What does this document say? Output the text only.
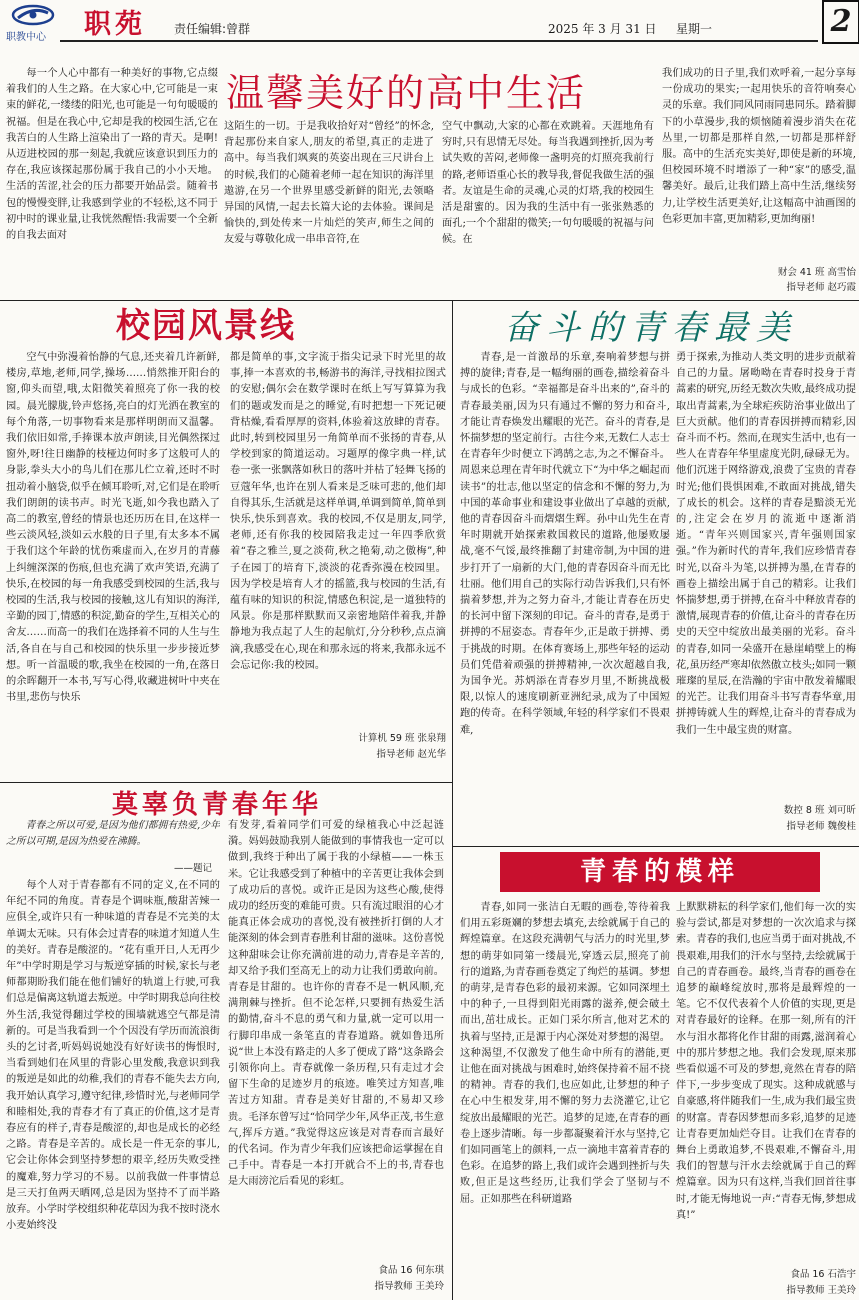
职教中心 职苑 责任编辑:曾群	2025 年 3 月 31 日 星期一	2
温馨美好的高中生活

每一个人心中都有一种美好的事物,它点缀着我们的人生之路。在大家心中,它可能是一束束的鲜花,一缕缕的阳光,也可能是一句句暖暖的祝福。但是在我心中,它却是我的校园生活,它在我苦白的人生路上渲染出了一路的青天。是啊!从迈进校园的那一刻起,我就应该意识到压力的存在,我应该探起那份属于我自己的小小天地。生活的苦涩,社会的压力都要开始品尝。随着书包的慢慢变胖,让我感到学业的不轻松,这不同于初中时的课业量,让我恍然醒悟:我需要一个全新的自我去面对

这陌生的一切。于是我收拾好对“曾经”的怀念,背起那份来自家人,朋友的希望,真正的走进了高中。每当我们飒爽的英姿出现在三尺讲台上的时候,我们的心随着老师一起在知识的海洋里遨游,在另一个世界里感受新鲜的阳光,去领略异国的风情,一起去长篇大论的去体验。课间是愉快的,到处传来一片灿烂的笑声,师生之间的友爱与尊敬化成一串串音符,在

空气中飘动,大家的心都在欢跳着。天涯地角有穷时,只有思情无尽处。每当我遇到挫折,因为考试失败的苦闷,老师像一盏明亮的灯照亮我前行的路,老师语重心长的教导我,督促我做生活的强者。友谊是生命的灵魂,心灵的灯塔,我的校园生活是甜蜜的。因为我的生活中有一张张熟悉的面孔;一个个甜甜的微笑;一句句暖暖的祝福与问候。在

我们成功的日子里,我们欢呼着,一起分享每一份成功的果实;一起用快乐的音符响奏心灵的乐章。我们同风同雨同患同乐。踏着脚下的小草漫步,我的烦恼随着漫步消失在花丛里,一切都是那样自然,一切都是那样舒服。高中的生活充实美好,即使是新的环境,但校园环境不时增添了一种“家”的感受,温馨美好。最后,让我们踏上高中生活,继续努力,让学校生活更美好,让这幅高中油画图的色彩更加丰富,更加精彩,更加绚丽!

财会 41 班 高雪怡
指导老师 赵巧霞
校园风景线

空气中弥漫着怡静的气息,还夹着几许新鲜,楼房,草地,老师,同学,操场……悄然推开阳台的窗,仰头而望,哦,太阳微笑着照亮了你一我的校园。晨光朦胧,铃声悠扬,亮白的灯光洒在教室的每个角落,一切事物看来是那样明朗而又温馨。我们依旧如常,手捧课本放声朗读,目光偶然探过窗外,呀!往日幽静的枝桠边何时多了这般可人的身影,拳头大小的鸟儿们在那儿伫立着,还时不时扭动着小脑袋,似乎在倾耳聆听,对,它们是在聆听我们朗朗的读书声。时光飞逝,如今我也踏入了高二的教室,曾经的情景也还历历在目,在这样一些云淡风轻,淡如云水般的日子里,有太多本不属于我们这个年龄的忧伤乘虚而入,在岁月的青藤上纠缠深深的伤痕,但也充满了欢声笑语,充满了快乐,在校园的每一角我感受到校园的生活,我与校园的生活,我与校园的接触,这儿有知识的海洋,辛勤的园丁,情感的积淀,勤奋的学生,互相关心的舍友……而高一的我们在选择着不同的人生与生活,各自在与自己和校园的快乐里一步步接近梦想。听一首温暖的歌,我坐在校园的一角,在落日的余晖翻开一本书,写写心得,收藏进树叶中夹在书里,悲伤与快乐

都是简单的事,文字流于指尖记录下时光里的故事,捧一本喜欢的书,畅游书的海洋,寻找相拉图式的安慰;偶尔会在数学课时在纸上写写算算为我们的题或发而是之的睡觉,有时把想一下死记硬背枯燥,看看厚厚的资料,体验着这放肆的青春。此时,转到校园里另一角简单而不张扬的青春,从学校到家的简道运动。习题厚的像字典一样,试卷一张一张飘落如秋日的落叶并枯了轻舞飞扬的豆蔻年华,也许在别人看来是乏味可悲的,他们却自得其乐,生活就是这样单调,单调到简单,简单到快乐,快乐到喜欢。我的校园,不仅是朋友,同学,老师,还有你我的校园陪我走过一年四季欣赏着“春之雅兰,夏之淡荷,秋之艳菊,动之傲梅”,种子在园丁的培育下,淡淡的花香弥漫在校园里。因为学校是培育人才的摇篮,我与校园的生活,有蕴有味的知识的积淀,情感色积淀,是一道独特的风景。你是那样默默而又亲密地陪伴着我,并静静地为我点起了人生的起航灯,分分秒秒,点点滴滴,我感受在心,现在和那永远的将来,我都永远不会忘记你:我的校园。

计算机 59 班 张泉翔
指导老师 赵光华
奋斗的青春最美

青春,是一首激昂的乐章,奏响着梦想与拼搏的旋律;青春,是一幅绚丽的画卷,描绘着奋斗与成长的色彩。“幸福都是奋斗出来的”,奋斗的青春最美丽,因为只有通过不懈的努力和奋斗,才能让青春焕发出耀眼的光芒。奋斗的青春,是怀揣梦想的坚定前行。古往今来,无数仁人志士在青春年少时便立下鸿鹄之志,为之不懈奋斗。周恩来总理在青年时代就立下“为中华之崛起而读书”的壮志,他以坚定的信念和不懈的努力,为中国的革命事业和建设事业做出了卓越的贡献,他的青春因奋斗而熠熠生辉。孙中山先生在青年时期就开始探索救国救民的道路,他屡败屡战,毫不气馁,最终推翻了封建帝制,为中国的进步打开了一扇新的大门,他的青春因奋斗而无比壮丽。他们用自己的实际行动告诉我们,只有怀揣着梦想,并为之努力奋斗,才能让青春在历史的长河中留下深刻的印记。奋斗的青春,是勇于拼搏的不屈姿态。青春年少,正是敢于拼搏、勇于挑战的时期。在体育赛场上,那些年轻的运动员们凭借着顽强的拼搏精神,一次次超越自我,为国争光。苏炳添在青春岁月里,不断挑战极限,以惊人的速度刷新亚洲纪录,成为了中国短跑的传奇。在科学领域,年轻的科学家们不畏艰难,

勇于探索,为推动人类文明的进步贡献着自己的力量。屠呦呦在青春时投身于青蒿素的研究,历经无数次失败,最终成功提取出青蒿素,为全球疟疾防治事业做出了巨大贡献。他们的青春因拼搏而精彩,因奋斗而不朽。然而,在现实生活中,也有一些人在青春年华里虚度光阴,碌碌无为。他们沉迷于网络游戏,浪费了宝贵的青春时光;他们畏惧困难,不敢面对挑战,错失了成长的机会。这样的青春是黯淡无光的,注定会在岁月的流逝中逐渐消逝。“青年兴则国家兴,青年强则国家强。”作为新时代的青年,我们应珍惜青春时光,以奋斗为笔,以拼搏为墨,在青春的画卷上描绘出属于自己的精彩。让我们怀揣梦想,勇于拼搏,在奋斗中释放青春的激情,展现青春的价值,让奋斗的青春在历史的天空中绽放出最美丽的光彩。奋斗的青春,如同一朵盛开在悬崖峭壁上的梅花,虽历经严寒却依然傲立枝头;如同一颗璀璨的星辰,在浩瀚的宇宙中散发着耀眼的光芒。让我们用奋斗书写青春华章,用拼搏铸就人生的辉煌,让奋斗的青春成为我们一生中最宝贵的财富。

数控 8 班 刘可昕
指导老师 魏俊桂
莫辜负青春年华

青春之所以可爱,是因为他们都拥有热爱,少年之所以可期,是因为热爱在沸腾。

——题记

每个人对于青春都有不同的定义,在不同的年纪不同的角度。青春是个调味瓶,酸甜苦辣一应俱全,或许只有一种味道的青春是不完美的太单调太无味。只有体会过青春的味道才知道人生的美好。青春是酸涩的。“花有重开日,人无再少年”中学时期是学习与叛逆穿插的时候,家长与老师都期盼我们能在他们铺好的轨道上行驶,可我们总是偏离这轨道去叛逆。中学时期我总向往校外生活,我觉得翻过学校的围墙就逃空气都是清新的。可是当我看到一个个因没有学历而流浪街头的乞讨者,听妈妈说她没有好好读书的悔恨时,当看到她们在风里的背影心里发酸,我意识到我的叛逆是如此的幼稚,我们的青春不能失去方向,我开始认真学习,遵守纪律,珍惜时光,与老师同学和睦相处,我的青春才有了真正的价值,这才是青春应有的样子,青春是酸涩的,却也是成长的必经之路。青春是辛苦的。成长是一件无奈的事儿,它会让你体会到坚持梦想的艰辛,经历失败受挫的魔难,努力学习的不易。以前我做一件事情总是三天打鱼两天晒网,总是因为坚持不了而半路放弃。小学时学校组织种花草因为我不按时浇水小麦始终没

有发芽,看着同学们可爱的绿植我心中泛起涟漪。妈妈鼓励我别人能做到的事情我也一定可以做到,我终于种出了属于我的小绿植——一株玉米。它让我感受到了种植中的辛苦更让我体会到了成功后的喜悦。或许正是因为这些心酸,使得成功的经历变的难能可贵。只有流过眼泪的心才能真正体会成功的喜悦,没有被挫折打倒的人才能深刻的体会到青春胜利甘甜的滋味。这份喜悦这种甜味会让你充满前进的动力,青春是辛苦的,却又给予我们至高无上的动力让我们勇敢向前。青春是甘甜的。也许你的青春不是一帆风顺,充满荆棘与挫折。但不论怎样,只要拥有热爱生活的勤情,奋斗不息的勇气和力量,就一定可以用一行脚印串成一条笔直的青春道路。就如鲁迅所说“世上本没有路走的人多了便成了路”这条路会引领你向上。青春就像一条历程,只有走过才会留下生命的足迹岁月的痕迹。唯笑过方知喜,唯苦过方知甜。青春是美好甘甜的,不易却又珍贵。毛泽东曾写过“恰同学少年,风华正茂,书生意气,挥斥方遒。”我觉得这应该是对青春而言最好的代名词。作为青少年我们应该把命运掌握在自己手中。青春是一本打开就合不上的书,青春也是大雨滂沱后看见的彩虹。

食品 16 何东琪
指导教师 王美玲
青春的模样

青春,如同一张洁白无暇的画卷,等待着我们用五彩斑斓的梦想去填充,去绘就属于自己的辉煌篇章。在这段充满朝气与活力的时光里,梦想的萌芽如同第一缕晨光,穿透云层,照亮了前行的道路,为青春画卷奠定了绚烂的基调。梦想的萌芽,是青春色彩的最初来源。它如同深埋土中的种子,一旦得到阳光雨露的滋养,便会破土而出,茁壮成长。正如门采尔所言,他对艺术的执着与坚持,正是源于内心深处对梦想的渴望。这种渴望,不仅激发了他生命中所有的潜能,更让他在面对挑战与困难时,始终保持着不屈不挠的精神。青春的我们,也应如此,让梦想的种子在心中生根发芽,用不懈的努力去浇灌它,让它绽放出最耀眼的光芒。追梦的足迹,在青春的画卷上逐步清晰。每一步都凝聚着汗水与坚持,它们如同画笔上的颜料,一点一滴地丰富着青春的色彩。在追梦的路上,我们或许会遇到挫折与失败,但正是这些经历,让我们学会了坚韧与不屈。正如那些在科研道路

上默默耕耘的科学家们,他们每一次的实验与尝试,都是对梦想的一次次追求与探索。青春的我们,也应当勇于面对挑战,不畏艰难,用我们的汗水与坚持,去绘就属于自己的青春画卷。最终,当青春的画卷在追梦的巅峰绽放时,那将是最辉煌的一笔。它不仅代表着个人价值的实现,更是对青春最好的诠释。在那一刻,所有的汗水与泪水都将化作甘甜的雨露,滋润着心中的那片梦想之地。我们会发现,原来那些看似遥不可及的梦想,竟然在青春的陪伴下,一步步变成了现实。这种成就感与自豪感,将伴随我们一生,成为我们最宝贵的财富。青春因梦想而多彩,追梦的足迹让青春更加灿烂夺目。让我们在青春的舞台上勇敢追梦,不畏艰难,不懈奋斗,用我们的智慧与汗水去绘就属于自己的辉煌篇章。因为只有这样,当我们回首往事时,才能无悔地说一声:“青春无悔,梦想成真!”

食品 16 石浩宇
指导教师 王美玲
